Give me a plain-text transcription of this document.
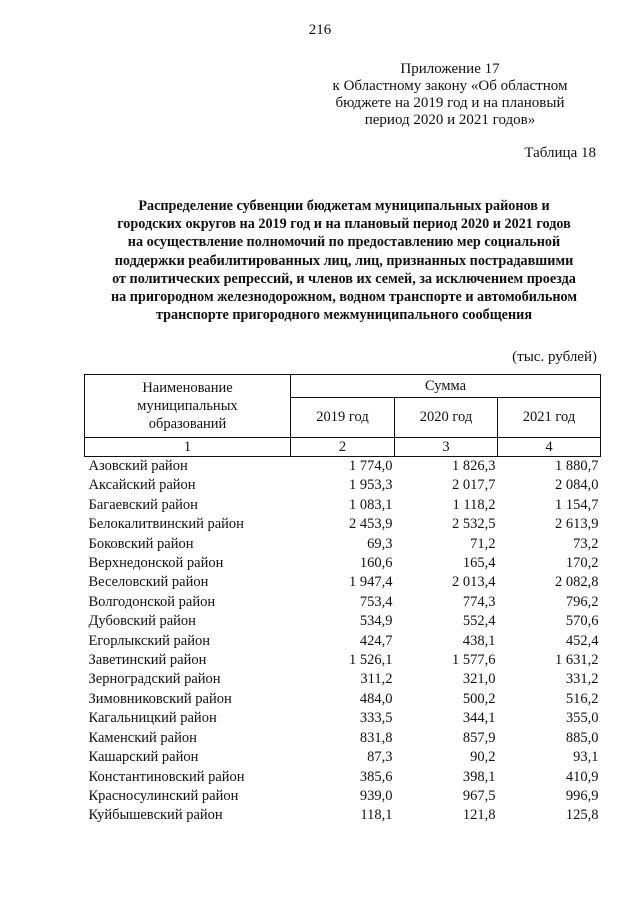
216
Приложение 17
к Областному закону «Об областном
бюджете на 2019 год и на плановый
период 2020 и 2021 годов»
Таблица 18
Распределение субвенции бюджетам муниципальных районов и
городских округов на 2019 год и на плановый период 2020 и 2021 годов
на осуществление полномочий по предоставлению мер социальной
поддержки реабилитированных лиц, лиц, признанных пострадавшими
от политических репрессий, и членов их семей, за исключением проезда
на пригородном железнодорожном, водном транспорте и автомобильном
транспорте пригородного межмуниципального сообщения
(тыс. рублей)
Наименование
муниципальных
образований	Сумма		
	2019 год	2020 год	2021 год
1	2	3	4
Азовский район	1 774,0	1 826,3	1 880,7
Аксайский район	1 953,3	2 017,7	2 084,0
Багаевский район	1 083,1	1 118,2	1 154,7
Белокалитвинский район	2 453,9	2 532,5	2 613,9
Боковский район	69,3	71,2	73,2
Верхнедонской район	160,6	165,4	170,2
Веселовский район	1 947,4	2 013,4	2 082,8
Волгодонской район	753,4	774,3	796,2
Дубовский район	534,9	552,4	570,6
Егорлыкский район	424,7	438,1	452,4
Заветинский район	1 526,1	1 577,6	1 631,2
Зерноградский район	311,2	321,0	331,2
Зимовниковский район	484,0	500,2	516,2
Кагальницкий район	333,5	344,1	355,0
Каменский район	831,8	857,9	885,0
Кашарский район	87,3	90,2	93,1
Константиновский район	385,6	398,1	410,9
Красносулинский район	939,0	967,5	996,9
Куйбышевский район	118,1	121,8	125,8
